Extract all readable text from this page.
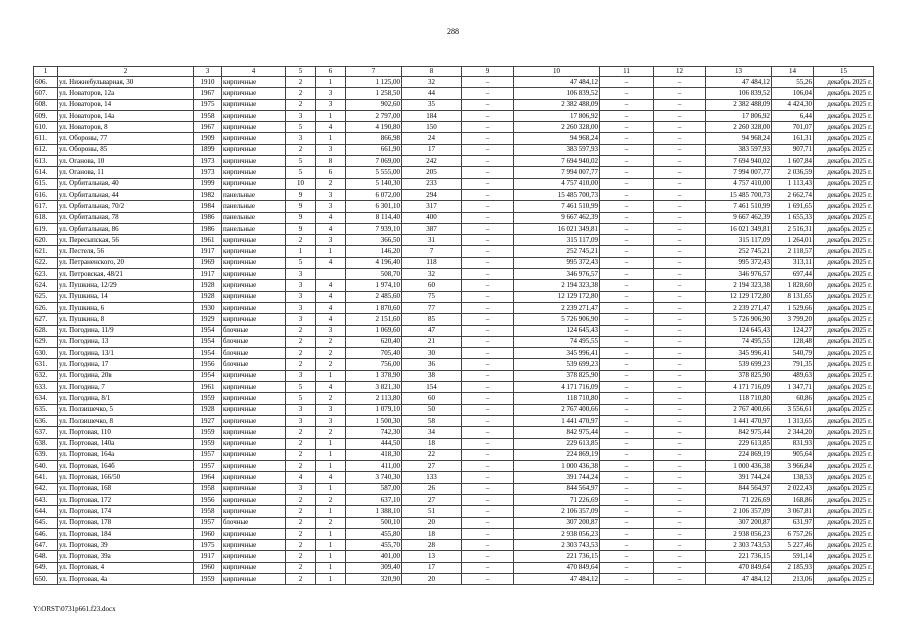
288
1	2	3	4	5	6	7	8	9	10	11	12	13	14	15
606.	ул. Нижнебульварная, 30	1910	кирпичные	2	1	1 125,00	32	–	47 484,12	–	–	47 484,12	55,26	декабрь 2025 г.
607.	ул. Новаторов, 12а	1967	кирпичные	2	3	1 258,50	44	–	106 839,52	–	–	106 839,52	106,04	декабрь 2025 г.
608.	ул. Новаторов, 14	1975	кирпичные	2	3	902,60	35	–	2 382 488,09	–	–	2 382 488,09	4 424,30	декабрь 2025 г.
609.	ул. Новаторов, 14а	1958	кирпичные	3	1	2 797,00	184	–	17 806,92	–	–	17 806,92	6,44	декабрь 2025 г.
610.	ул. Новаторов, 8	1967	кирпичные	5	4	4 190,80	150	–	2 260 328,00	–	–	2 260 328,00	701,07	декабрь 2025 г.
611.	ул. Обороны, 77	1909	кирпичные	3	1	866,98	24	–	94 968,24	–	–	94 968,24	161,31	декабрь 2025 г.
612.	ул. Обороны, 85	1899	кирпичные	2	3	661,90	17	–	383 597,93	–	–	383 597,93	907,71	декабрь 2025 г.
613.	ул. Оганова, 10	1973	кирпичные	5	8	7 069,00	242	–	7 694 940,02	–	–	7 694 940,02	1 607,84	декабрь 2025 г.
614.	ул. Оганова, 11	1973	кирпичные	5	6	5 555,00	205	–	7 994 007,77	–	–	7 994 007,77	2 036,59	декабрь 2025 г.
615.	ул. Орбитальная, 40	1999	кирпичные	10	2	5 140,30	233	–	4 757 410,00	–	–	4 757 410,00	1 113,43	декабрь 2025 г.
616.	ул. Орбитальная, 44	1982	панельные	9	3	6 072,00	294	–	15 485 700,73	–	–	15 485 700,73	2 662,74	декабрь 2025 г.
617.	ул. Орбитальная, 70/2	1984	панельные	9	3	6 301,10	317	–	7 461 510,99	–	–	7 461 510,99	1 691,65	декабрь 2025 г.
618.	ул. Орбитальная, 78	1986	панельные	9	4	8 114,40	400	–	9 667 462,39	–	–	9 667 462,39	1 655,33	декабрь 2025 г.
619.	ул. Орбитальная, 86	1986	панельные	9	4	7 939,10	387	–	16 021 349,81	–	–	16 021 349,81	2 516,31	декабрь 2025 г.
620.	ул. Пересыпская, 56	1961	кирпичные	2	3	366,50	31	–	315 117,09	–	–	315 117,09	1 264,01	декабрь 2025 г.
621.	ул. Пестеля, 56	1917	кирпичные	1	1	146,20	7	–	252 745,21	–	–	252 745,21	2 118,57	декабрь 2025 г.
622.	ул. Петраненского, 20	1969	кирпичные	5	4	4 196,40	118	–	995 372,43	–	–	995 372,43	313,11	декабрь 2025 г.
623.	ул. Петровская, 48/21	1917	кирпичные	3		508,70	32	–	346 976,57	–	–	346 976,57	697,44	декабрь 2025 г.
624.	ул. Пушкина, 12/29	1928	кирпичные	3	4	1 974,10	60	–	2 194 323,38	–	–	2 194 323,38	1 828,60	декабрь 2025 г.
625.	ул. Пушкина, 14	1928	кирпичные	3	4	2 485,60	75	–	12 129 172,80	–	–	12 129 172,80	8 131,65	декабрь 2025 г.
626.	ул. Пушкина, 6	1930	кирпичные	3	4	1 870,60	77	–	2 239 271,47	–	–	2 239 271,47	1 529,66	декабрь 2025 г.
627.	ул. Пушкина, 8	1929	кирпичные	3	4	2 151,60	85	–	5 726 906,90	–	–	5 726 906,90	3 799,20	декабрь 2025 г.
628.	ул. Погодина, 11/9	1954	блочные	2	3	1 069,60	47	–	124 645,43	–	–	124 645,43	124,27	декабрь 2025 г.
629.	ул. Погодина, 13	1954	блочные	2	2	620,40	21	–	74 495,55	–	–	74 495,55	128,48	декабрь 2025 г.
630.	ул. Погодина, 13/1	1954	блочные	2	2	705,40	30	–	345 996,41	–	–	345 996,41	540,79	декабрь 2025 г.
631.	ул. Погодина, 17	1956	блочные	2	2	756,00	36	–	539 699,23	–	–	539 699,23	791,35	декабрь 2025 г.
632.	ул. Погодина, 20в	1954	кирпичные	3	1	1 378,90	38	–	378 825,90	–	–	378 825,90	489,63	декабрь 2025 г.
633.	ул. Погодина, 7	1961	кирпичные	5	4	3 821,30	154	–	4 171 716,09	–	–	4 171 716,09	1 347,71	декабрь 2025 г.
634.	ул. Погодина, 8/1	1959	кирпичные	5	2	2 113,80	60	–	118 710,80	–	–	118 710,80	60,86	декабрь 2025 г.
635.	ул. Ползишечко, 5	1928	кирпичные	3	3	1 079,10	50	–	2 767 400,66	–	–	2 767 400,66	3 556,61	декабрь 2025 г.
636.	ул. Ползишечко, 8	1927	кирпичные	3	3	1 500,30	58	–	1 441 470,97	–	–	1 441 470,97	1 313,65	декабрь 2025 г.
637.	ул. Портовая, 110	1959	кирпичные	2	2	742,30	34	–	842 975,44	–	–	842 975,44	2 344,20	декабрь 2025 г.
638.	ул. Портовая, 140а	1959	кирпичные	2	1	444,50	18	–	229 613,85	–	–	229 613,85	831,93	декабрь 2025 г.
639.	ул. Портовая, 164а	1957	кирпичные	2	1	418,30	22	–	224 869,19	–	–	224 869,19	905,64	декабрь 2025 г.
640.	ул. Портовая, 164б	1957	кирпичные	2	1	411,00	27	–	1 000 436,38	–	–	1 000 436,38	3 966,84	декабрь 2025 г.
641.	ул. Портовая, 166/50	1964	кирпичные	4	4	3 740,30	133	–	391 744,24	–	–	391 744,24	138,53	декабрь 2025 г.
642.	ул. Портовая, 168	1958	кирпичные	3	1	587,00	26	–	844 564,97	–	–	844 564,97	2 022,43	декабрь 2025 г.
643.	ул. Портовая, 172	1956	кирпичные	2	2	637,10	27	–	71 226,69	–	–	71 226,69	168,86	декабрь 2025 г.
644.	ул. Портовая, 174	1958	кирпичные	2	1	1 388,10	51	–	2 106 357,09	–	–	2 106 357,09	3 067,81	декабрь 2025 г.
645.	ул. Портовая, 178	1957	блочные	2	2	500,10	20	–	307 200,87	–	–	307 200,87	631,97	декабрь 2025 г.
646.	ул. Портовая, 184	1960	кирпичные	2	1	455,80	18	–	2 938 056,23	–	–	2 938 056,23	6 757,26	декабрь 2025 г.
647.	ул. Портовая, 39	1975	кирпичные	2	1	455,70	28	–	2 303 743,53	–	–	2 303 743,53	5 227,46	декабрь 2025 г.
648.	ул. Портовая, 39а	1917	кирпичные	2	1	401,00	13	–	221 736,15	–	–	221 736,15	591,14	декабрь 2025 г.
649.	ул. Портовая, 4	1960	кирпичные	2	1	309,40	17	–	470 849,64	–	–	470 849,64	2 185,93	декабрь 2025 г.
650.	ул. Портовая, 4а	1959	кирпичные	2	1	320,90	20	–	47 484,12	–	–	47 484,12	213,06	декабрь 2025 г.
Y:\ORST\0731p661.f23.docx
